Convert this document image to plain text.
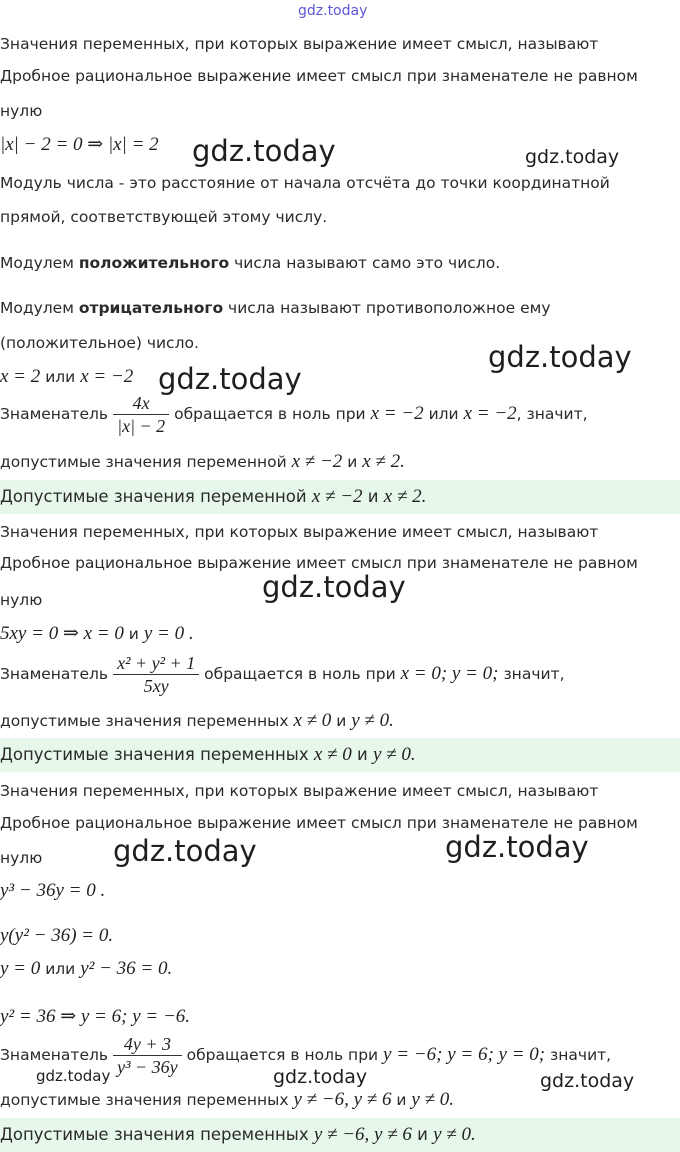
gdz.today
gdz.today	gdz.today
gdz.today
gdz.today
gdz.today
gdz.today	gdz.today
gdz.today	gdz.today	gdz.today
Значения переменных, при которых выражение имеет смысл, называют
Дробное рациональное выражение имеет смысл при знаменателе не равном
нулю
|x| − 2 = 0 ⇒ |x| = 2
Модуль числа - это расстояние от начала отсчёта до точки координатной
прямой, соответствующей этому числу.
Модулем положительного числа называют само это число.
Модулем отрицательного числа называют противоположное ему
(положительное) число.
x = 2 или x = −2
Знаменатель $\frac{4x}{|x| - 2}$ обращается в ноль при x = −2 или x = −2, значит,
допустимые значения переменной x ≠ −2 и x ≠ 2.
Допустимые значения переменной x ≠ −2 и x ≠ 2.
Значения переменных, при которых выражение имеет смысл, называют
Дробное рациональное выражение имеет смысл при знаменателе не равном
нулю
5xy = 0 ⇒ x = 0 и y = 0 .
Знаменатель $\frac{\text{x² + y² + 1}}{5xy}$ обращается в ноль при x = 0; y = 0; значит,
допустимые значения переменных x ≠ 0 и y ≠ 0.
Допустимые значения переменных x ≠ 0 и y ≠ 0.
Значения переменных, при которых выражение имеет смысл, называют
Дробное рациональное выражение имеет смысл при знаменателе не равном
нулю
y³ − 36y = 0 .
y(y² − 36) = 0.
y = 0 или y² − 36 = 0.
y² = 36 ⇒ y = 6; y = −6.
Знаменатель $\frac{4y + 3}{\text{y³ − 36y}}$ обращается в ноль при y = −6; y = 6; y = 0; значит,
допустимые значения переменных y ≠ −6, y ≠ 6 и y ≠ 0.
Допустимые значения переменных y ≠ −6, y ≠ 6 и y ≠ 0.
